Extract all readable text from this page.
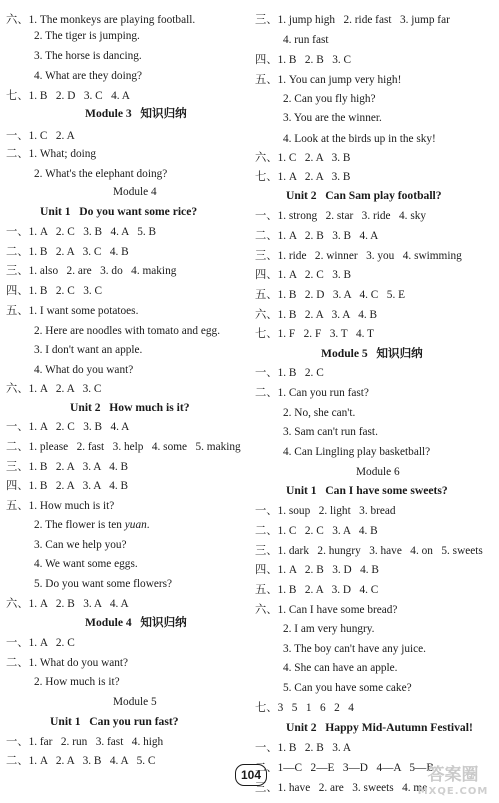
六、1. The monkeys are playing football.
2. The tiger is jumping.
3. The horse is dancing.
4. What are they doing?
七、1. B   2. D   3. C   4. A
Module 3   知识归纳
一、1. C   2. A
二、1. What; doing
2. What's the elephant doing?
Module 4
Unit 1   Do you want some rice?
一、1. A   2. C   3. B   4. A   5. B
二、1. B   2. A   3. C   4. B
三、1. also   2. are   3. do   4. making
四、1. B   2. C   3. C
五、1. I want some potatoes.
2. Here are noodles with tomato and egg.
3. I don't want an apple.
4. What do you want?
六、1. A   2. A   3. C
Unit 2   How much is it?
一、1. A   2. C   3. B   4. A
二、1. please   2. fast   3. help   4. some   5. making
三、1. B   2. A   3. A   4. B
四、1. B   2. A   3. A   4. B
五、1. How much is it?
2. The flower is ten yuan.
3. Can we help you?
4. We want some eggs.
5. Do you want some flowers?
六、1. A   2. B   3. A   4. A
Module 4   知识归纳
一、1. A   2. C
二、1. What do you want?
2. How much is it?
Module 5
Unit 1   Can you run fast?
一、1. far   2. run   3. fast   4. high
二、1. A   2. A   3. B   4. A   5. C
三、1. jump high   2. ride fast   3. jump far
4. run fast
四、1. B   2. B   3. C
五、1. You can jump very high!
2. Can you fly high?
3. You are the winner.
4. Look at the birds up in the sky!
六、1. C   2. A   3. B
七、1. A   2. A   3. B
Unit 2   Can Sam play football?
一、1. strong   2. star   3. ride   4. sky
二、1. A   2. B   3. B   4. A
三、1. ride   2. winner   3. you   4. swimming
四、1. A   2. C   3. B
五、1. B   2. D   3. A   4. C   5. E
六、1. B   2. A   3. A   4. B
七、1. F   2. F   3. T   4. T
Module 5   知识归纳
一、1. B   2. C
二、1. Can you run fast?
2. No, she can't.
3. Sam can't run fast.
4. Can Lingling play basketball?
Module 6
Unit 1   Can I have some sweets?
一、1. soup   2. light   3. bread
二、1. C   2. C   3. A   4. B
三、1. dark   2. hungry   3. have   4. on   5. sweets
四、1. A   2. B   3. D   4. B
五、1. B   2. A   3. D   4. C
六、1. Can I have some bread?
2. I am very hungry.
3. The boy can't have any juice.
4. She can have an apple.
5. Can you have some cake?
七、3   5   1   6   2   4
Unit 2   Happy Mid-Autumn Festival!
一、1. B   2. B   3. A
二、1—C   2—E   3—D   4—A   5—B
三、1. have   2. are   3. sweets   4. me
104	答案圈
MXQE.COM
